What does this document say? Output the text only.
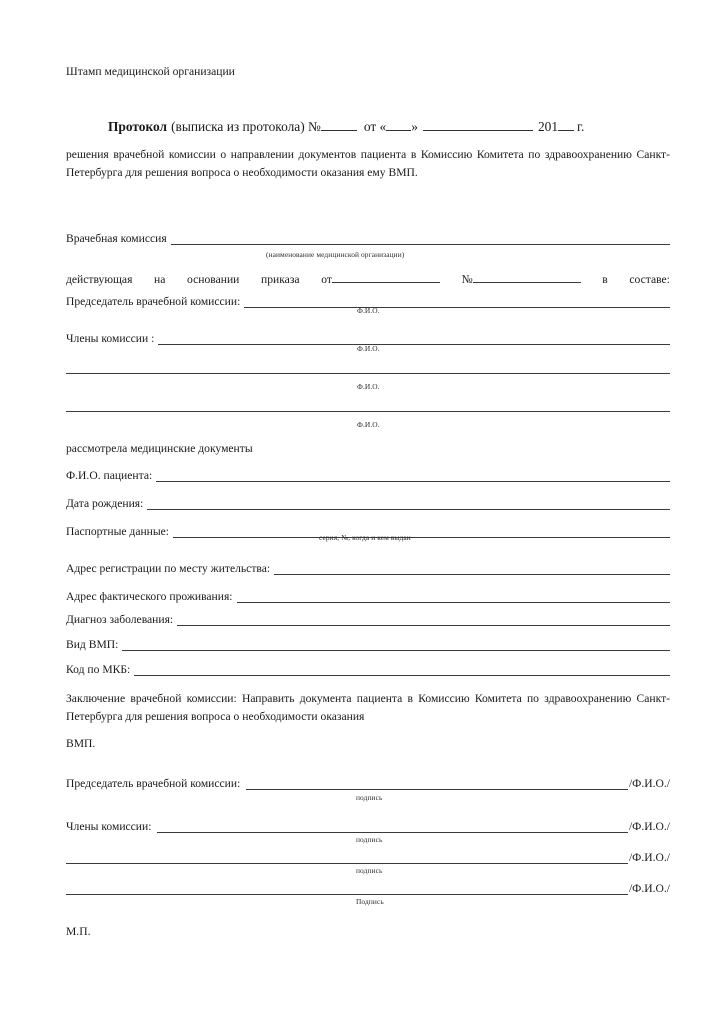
Штамп медицинской организации
Протокол (выписка из протокола) №	от « »	201 г.
решения врачебной комиссии о направлении документов пациента в Комиссию Комитета по здравоохранению Санкт-Петербурга для решения вопроса о необходимости оказания ему ВМП.
Врачебная комиссия
(наименование медицинской организации)
действующая на основании приказа от	№	в составе:
Председатель врачебной комиссии:
Ф.И.О.
Члены комиссии :
Ф.И.О.
Ф.И.О.
Ф.И.О.
рассмотрела медицинские документы
Ф.И.О. пациента:
Дата рождения:
Паспортные данные:	серия, №, когда и кем выдан
Адрес регистрации по месту жительства:
Адрес фактического проживания:
Диагноз заболевания:
Вид ВМП:
Код по МКБ:
Заключение врачебной комиссии: Направить документа пациента в Комиссию Комитета по здравоохранению Санкт-Петербурга для решения вопроса о необходимости оказания
ВМП.
Председатель врачебной комиссии:	/Ф.И.О./
подпись
Члены комиссии:	/Ф.И.О./
подпись
/Ф.И.О./
подпись
/Ф.И.О./
Подпись
М.П.
